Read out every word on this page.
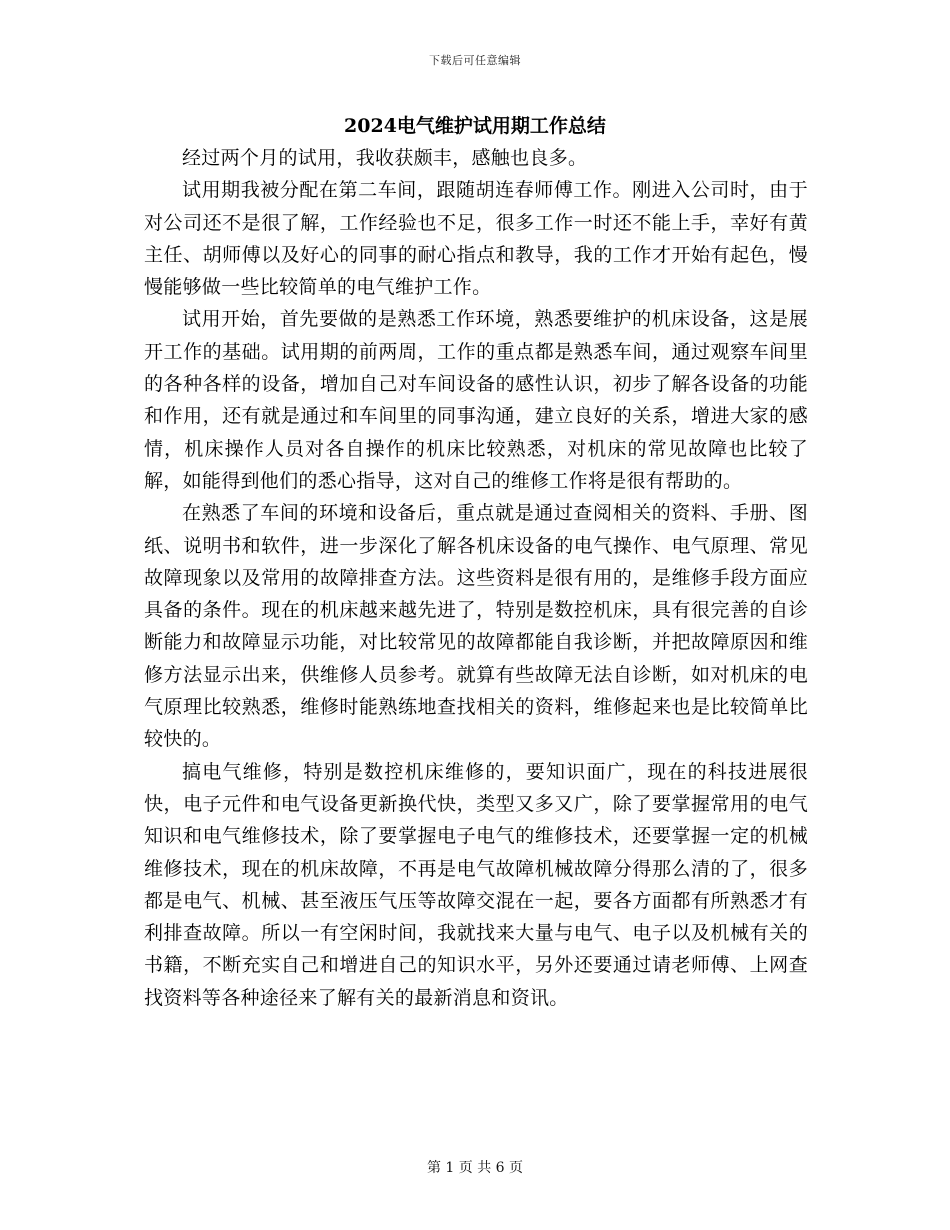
下载后可任意编辑
2024电气维护试用期工作总结

经过两个月的试用，我收获颇丰，感触也良多。

试用期我被分配在第二车间，跟随胡连春师傅工作。刚进入公司时，由于对公司还不是很了解，工作经验也不足，很多工作一时还不能上手，幸好有黄主任、胡师傅以及好心的同事的耐心指点和教导，我的工作才开始有起色，慢慢能够做一些比较简单的电气维护工作。

试用开始，首先要做的是熟悉工作环境，熟悉要维护的机床设备，这是展开工作的基础。试用期的前两周，工作的重点都是熟悉车间，通过观察车间里的各种各样的设备，增加自己对车间设备的感性认识，初步了解各设备的功能和作用，还有就是通过和车间里的同事沟通，建立良好的关系，增进大家的感情，机床操作人员对各自操作的机床比较熟悉，对机床的常见故障也比较了解，如能得到他们的悉心指导，这对自己的维修工作将是很有帮助的。

在熟悉了车间的环境和设备后，重点就是通过查阅相关的资料、手册、图纸、说明书和软件，进一步深化了解各机床设备的电气操作、电气原理、常见故障现象以及常用的故障排查方法。这些资料是很有用的，是维修手段方面应具备的条件。现在的机床越来越先进了，特别是数控机床，具有很完善的自诊断能力和故障显示功能，对比较常见的故障都能自我诊断，并把故障原因和维修方法显示出来，供维修人员参考。就算有些故障无法自诊断，如对机床的电气原理比较熟悉，维修时能熟练地查找相关的资料，维修起来也是比较简单比较快的。

搞电气维修，特别是数控机床维修的，要知识面广，现在的科技进展很快，电子元件和电气设备更新换代快，类型又多又广，除了要掌握常用的电气知识和电气维修技术，除了要掌握电子电气的维修技术，还要掌握一定的机械维修技术，现在的机床故障，不再是电气故障机械故障分得那么清的了，很多都是电气、机械、甚至液压气压等故障交混在一起，要各方面都有所熟悉才有利排查故障。所以一有空闲时间，我就找来大量与电气、电子以及机械有关的书籍，不断充实自己和增进自己的知识水平，另外还要通过请老师傅、上网查找资料等各种途径来了解有关的最新消息和资讯。

第 1 页 共 6 页
